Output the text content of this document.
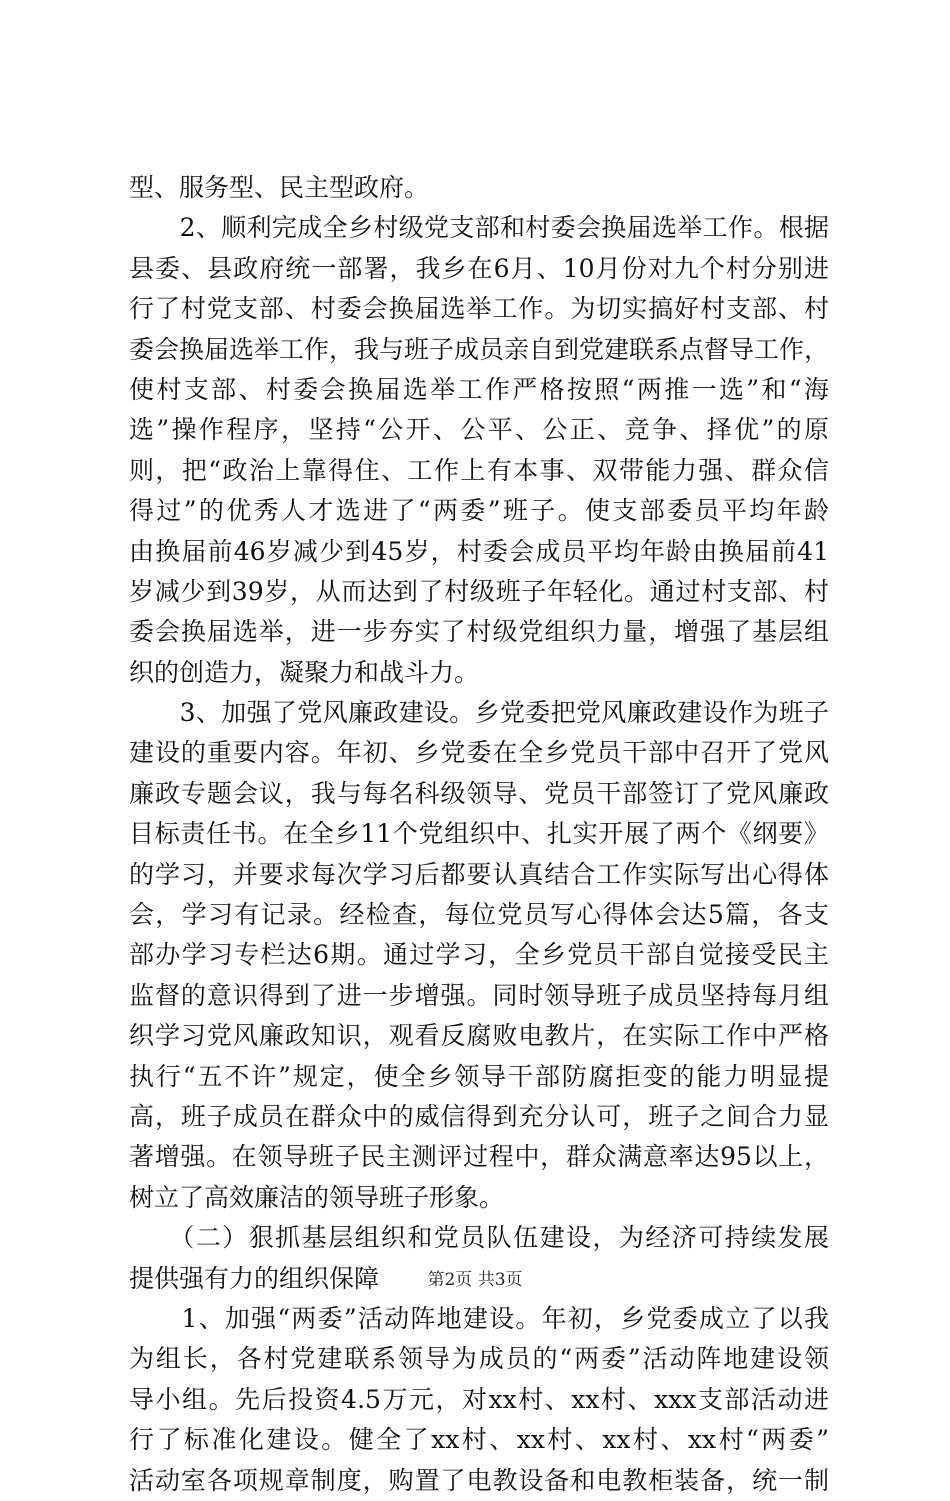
型、服务型、民主型政府。
　　2、顺利完成全乡村级党支部和村委会换届选举工作。根据
县委、县政府统一部署，我乡在6月、10月份对九个村分别进
行了村党支部、村委会换届选举工作。为切实搞好村支部、村
委会换届选举工作，我与班子成员亲自到党建联系点督导工作，
使村支部、村委会换届选举工作严格按照“两推一选”和“海
选”操作程序，坚持“公开、公平、公正、竞争、择优”的原
则，把“政治上靠得住、工作上有本事、双带能力强、群众信
得过”的优秀人才选进了“两委”班子。使支部委员平均年龄
由换届前46岁减少到45岁，村委会成员平均年龄由换届前41
岁减少到39岁，从而达到了村级班子年轻化。通过村支部、村
委会换届选举，进一步夯实了村级党组织力量，增强了基层组
织的创造力，凝聚力和战斗力。
　　3、加强了党风廉政建设。乡党委把党风廉政建设作为班子
建设的重要内容。年初、乡党委在全乡党员干部中召开了党风
廉政专题会议，我与每名科级领导、党员干部签订了党风廉政
目标责任书。在全乡11个党组织中、扎实开展了两个《纲要》
的学习，并要求每次学习后都要认真结合工作实际写出心得体
会，学习有记录。经检查，每位党员写心得体会达5篇，各支
部办学习专栏达6期。通过学习，全乡党员干部自觉接受民主
监督的意识得到了进一步增强。同时领导班子成员坚持每月组
织学习党风廉政知识，观看反腐败电教片，在实际工作中严格
执行“五不许”规定，使全乡领导干部防腐拒变的能力明显提
高，班子成员在群众中的威信得到充分认可，班子之间合力显
著增强。在领导班子民主测评过程中，群众满意率达95以上，
树立了高效廉洁的领导班子形象。
　　（二）狠抓基层组织和党员队伍建设，为经济可持续发展
提供强有力的组织保障
　　1、加强“两委”活动阵地建设。年初，乡党委成立了以我
为组长，各村党建联系领导为成员的“两委”活动阵地建设领
导小组。先后投资4.5万元，对xx村、xx村、xxx支部活动进
行了标准化建设。健全了xx村、xx村、xx村、xx村“两委”
活动室各项规章制度，购置了电教设备和电教柜装备，统一制
第2页 共3页
